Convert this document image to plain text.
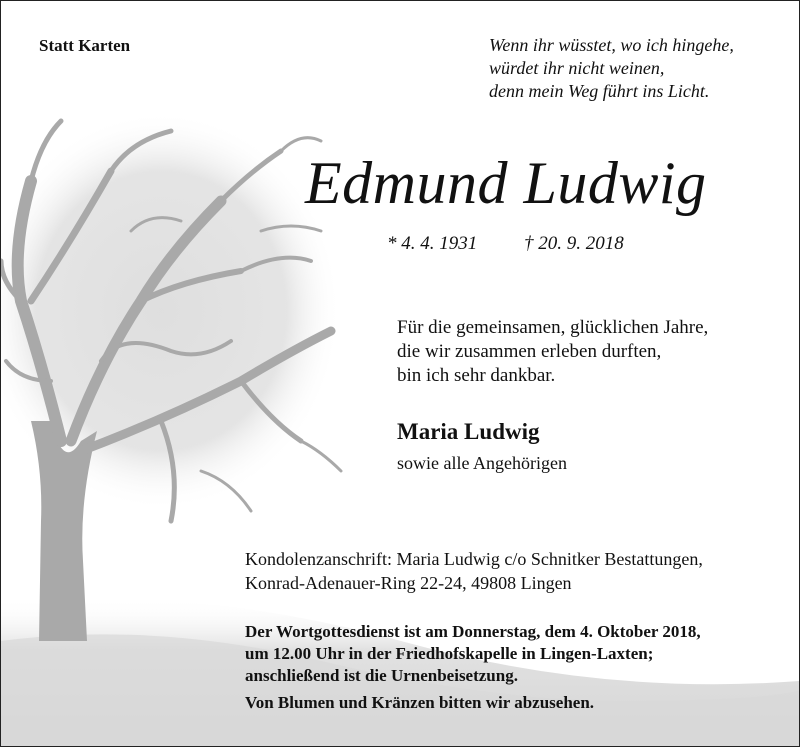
Statt Karten	Wenn ihr wüsstet, wo ich hingehe,
würdet ihr nicht weinen,
denn mein Weg führt ins Licht.
Edmund Ludwig
* 4. 4. 1931 † 20. 9. 2018
Für die gemeinsamen, glücklichen Jahre,
die wir zusammen erleben durften,
bin ich sehr dankbar.
Maria Ludwig
sowie alle Angehörigen
Kondolenzanschrift: Maria Ludwig c/o Schnitker Bestattungen,
Konrad-Adenauer-Ring 22-24, 49808 Lingen
Der Wortgottesdienst ist am Donnerstag, dem 4. Oktober 2018,
um 12.00 Uhr in der Friedhofskapelle in Lingen-Laxten;
anschließend ist die Urnenbeisetzung.
Von Blumen und Kränzen bitten wir abzusehen.
